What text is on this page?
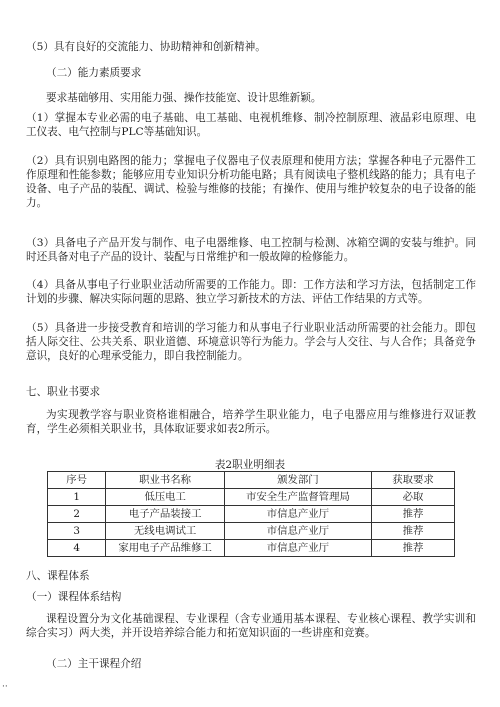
（5）具有良好的交流能力、协助精神和创新精神。
（二）能力素质要求
要求基础够用、实用能力强、操作技能宽、设计思维新颖。
（1）掌握本专业必需的电子基础、电工基础、电视机维修、制冷控制原理、液晶彩电原理、电工仪表、电气控制与PLC等基础知识。
（2）具有识别电路图的能力；掌握电子仪器电子仪表原理和使用方法；掌握各种电子元器件工作原理和性能参数；能够应用专业知识分析功能电路；具有阅读电子整机线路的能力；具有电子设备、电子产品的装配、调试、检验与维修的技能；有操作、使用与维护较复杂的电子设备的能力。
（3）具备电子产品开发与制作、电子电器维修、电工控制与检测、冰箱空调的安装与维护。同时还具备对电子产品的设计、装配与日常维护和一般故障的检修能力。
（4）具备从事电子行业职业活动所需要的工作能力。即：工作方法和学习方法，包括制定工作计划的步骤、解决实际问题的思路、独立学习新技术的方法、评估工作结果的方式等。
（5）具备进一步接受教育和培训的学习能力和从事电子行业职业活动所需要的社会能力。即包括人际交往、公共关系、职业道德、环境意识等行为能力。学会与人交往、与人合作；具备竞争意识，良好的心理承受能力，即自我控制能力。
七、职业书要求
为实现教学容与职业资格谁相融合，培养学生职业能力，电子电器应用与维修进行双证教育，学生必须相关职业书，具体取证要求如表2所示。
表2职业明细表
序号	职业书名称	颁发部门	获取要求
1	低压电工	市安全生产监督管理局	必取
2	电子产品装接工	市信息产业厅	推荐
3	无线电调试工	市信息产业厅	推荐
4	家用电子产品维修工	市信息产业厅	推荐
八、课程体系
（一）课程体系结构
课程设置分为文化基础课程、专业课程（含专业通用基本课程、专业核心课程、教学实训和综合实习）两大类，并开设培养综合能力和拓宽知识面的一些讲座和竞赛。
（二）主干课程介绍
··
